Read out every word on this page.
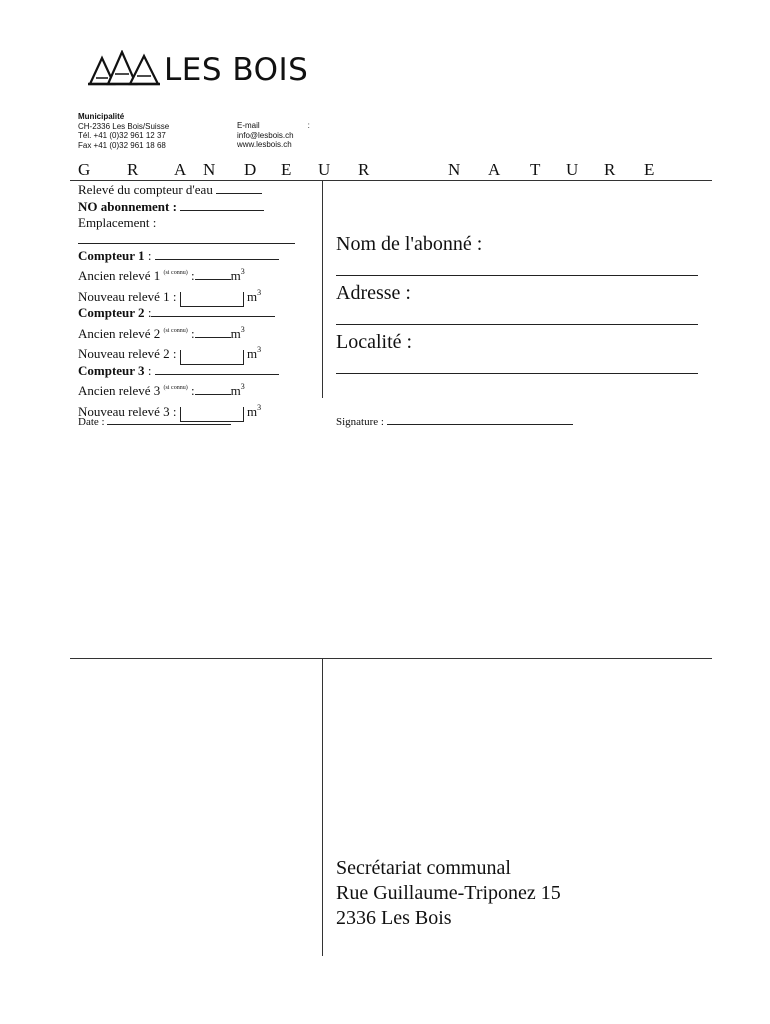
LES BOIS
Municipalité
CH-2336 Les Bois/Suisse
Tél. +41 (0)32 961 12 37
Fax +41 (0)32 961 18 68
E-mail	:
info@lesbois.ch
www.lesbois.ch
G R A N D E U R	N A T U R E
Relevé du compteur d'eau
NO abonnement :
Emplacement :
Compteur 1 :
Ancien relevé 1 $^{(si connu)}$ :	$m^3$
Nouveau relevé 1 :	$m^3$
Compteur 2 :
Ancien relevé 2 $^{(si connu)}$ :	$m^3$
Nouveau relevé 2 :	$m^3$
Compteur 3 :
Ancien relevé 3 $^{(si connu)}$ :	$m^3$
Nouveau relevé 3 :	$m^3$
Date :	Signature :
Nom de l'abonné :
Adresse :
Localité :
Secrétariat communal
Rue Guillaume-Triponez 15
2336 Les Bois
